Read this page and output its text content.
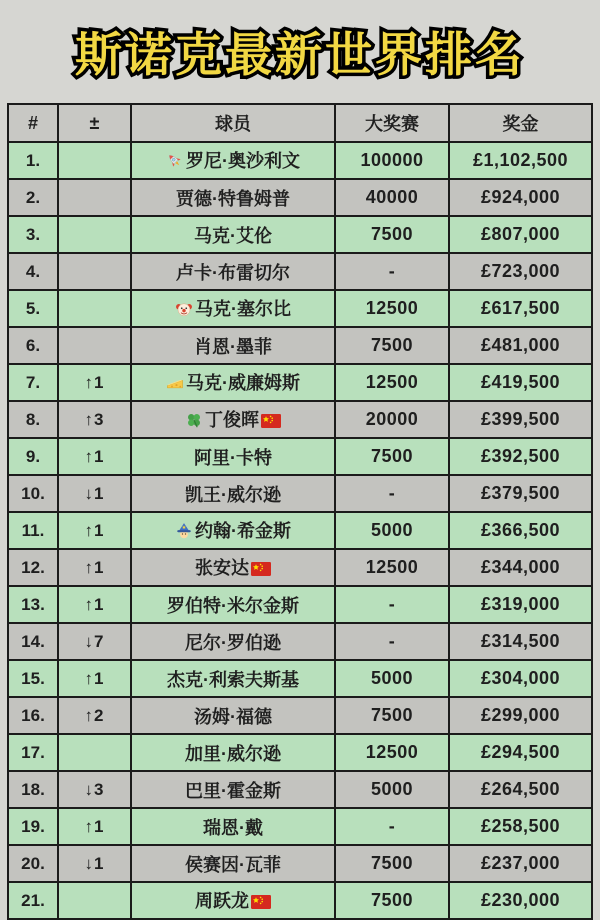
斯诺克最新世界排名
#	±	球员	大奖赛	奖金
1.		罗尼·奥沙利文	100000	£1,102,500
2.		贾德·特鲁姆普	40000	£924,000
3.		马克·艾伦	7500	£807,000
4.		卢卡·布雷切尔	-	£723,000
5.		马克·塞尔比	12500	£617,500
6.		肖恩·墨菲	7500	£481,000
7.	↑1	马克·威廉姆斯	12500	£419,500
8.	↑3	丁俊晖	20000	£399,500
9.	↑1	阿里·卡特	7500	£392,500
10.	↓1	凯王·威尔逊	-	£379,500
11.	↑1	约翰·希金斯	5000	£366,500
12.	↑1	张安达	12500	£344,000
13.	↑1	罗伯特·米尔金斯	-	£319,000
14.	↓7	尼尔·罗伯逊	-	£314,500
15.	↑1	杰克·利索夫斯基	5000	£304,000
16.	↑2	汤姆·福德	7500	£299,000
17.		加里·威尔逊	12500	£294,500
18.	↓3	巴里·霍金斯	5000	£264,500
19.	↑1	瑞恩·戴	-	£258,500
20.	↓1	侯赛因·瓦菲	7500	£237,000
21.		周跃龙	7500	£230,000
